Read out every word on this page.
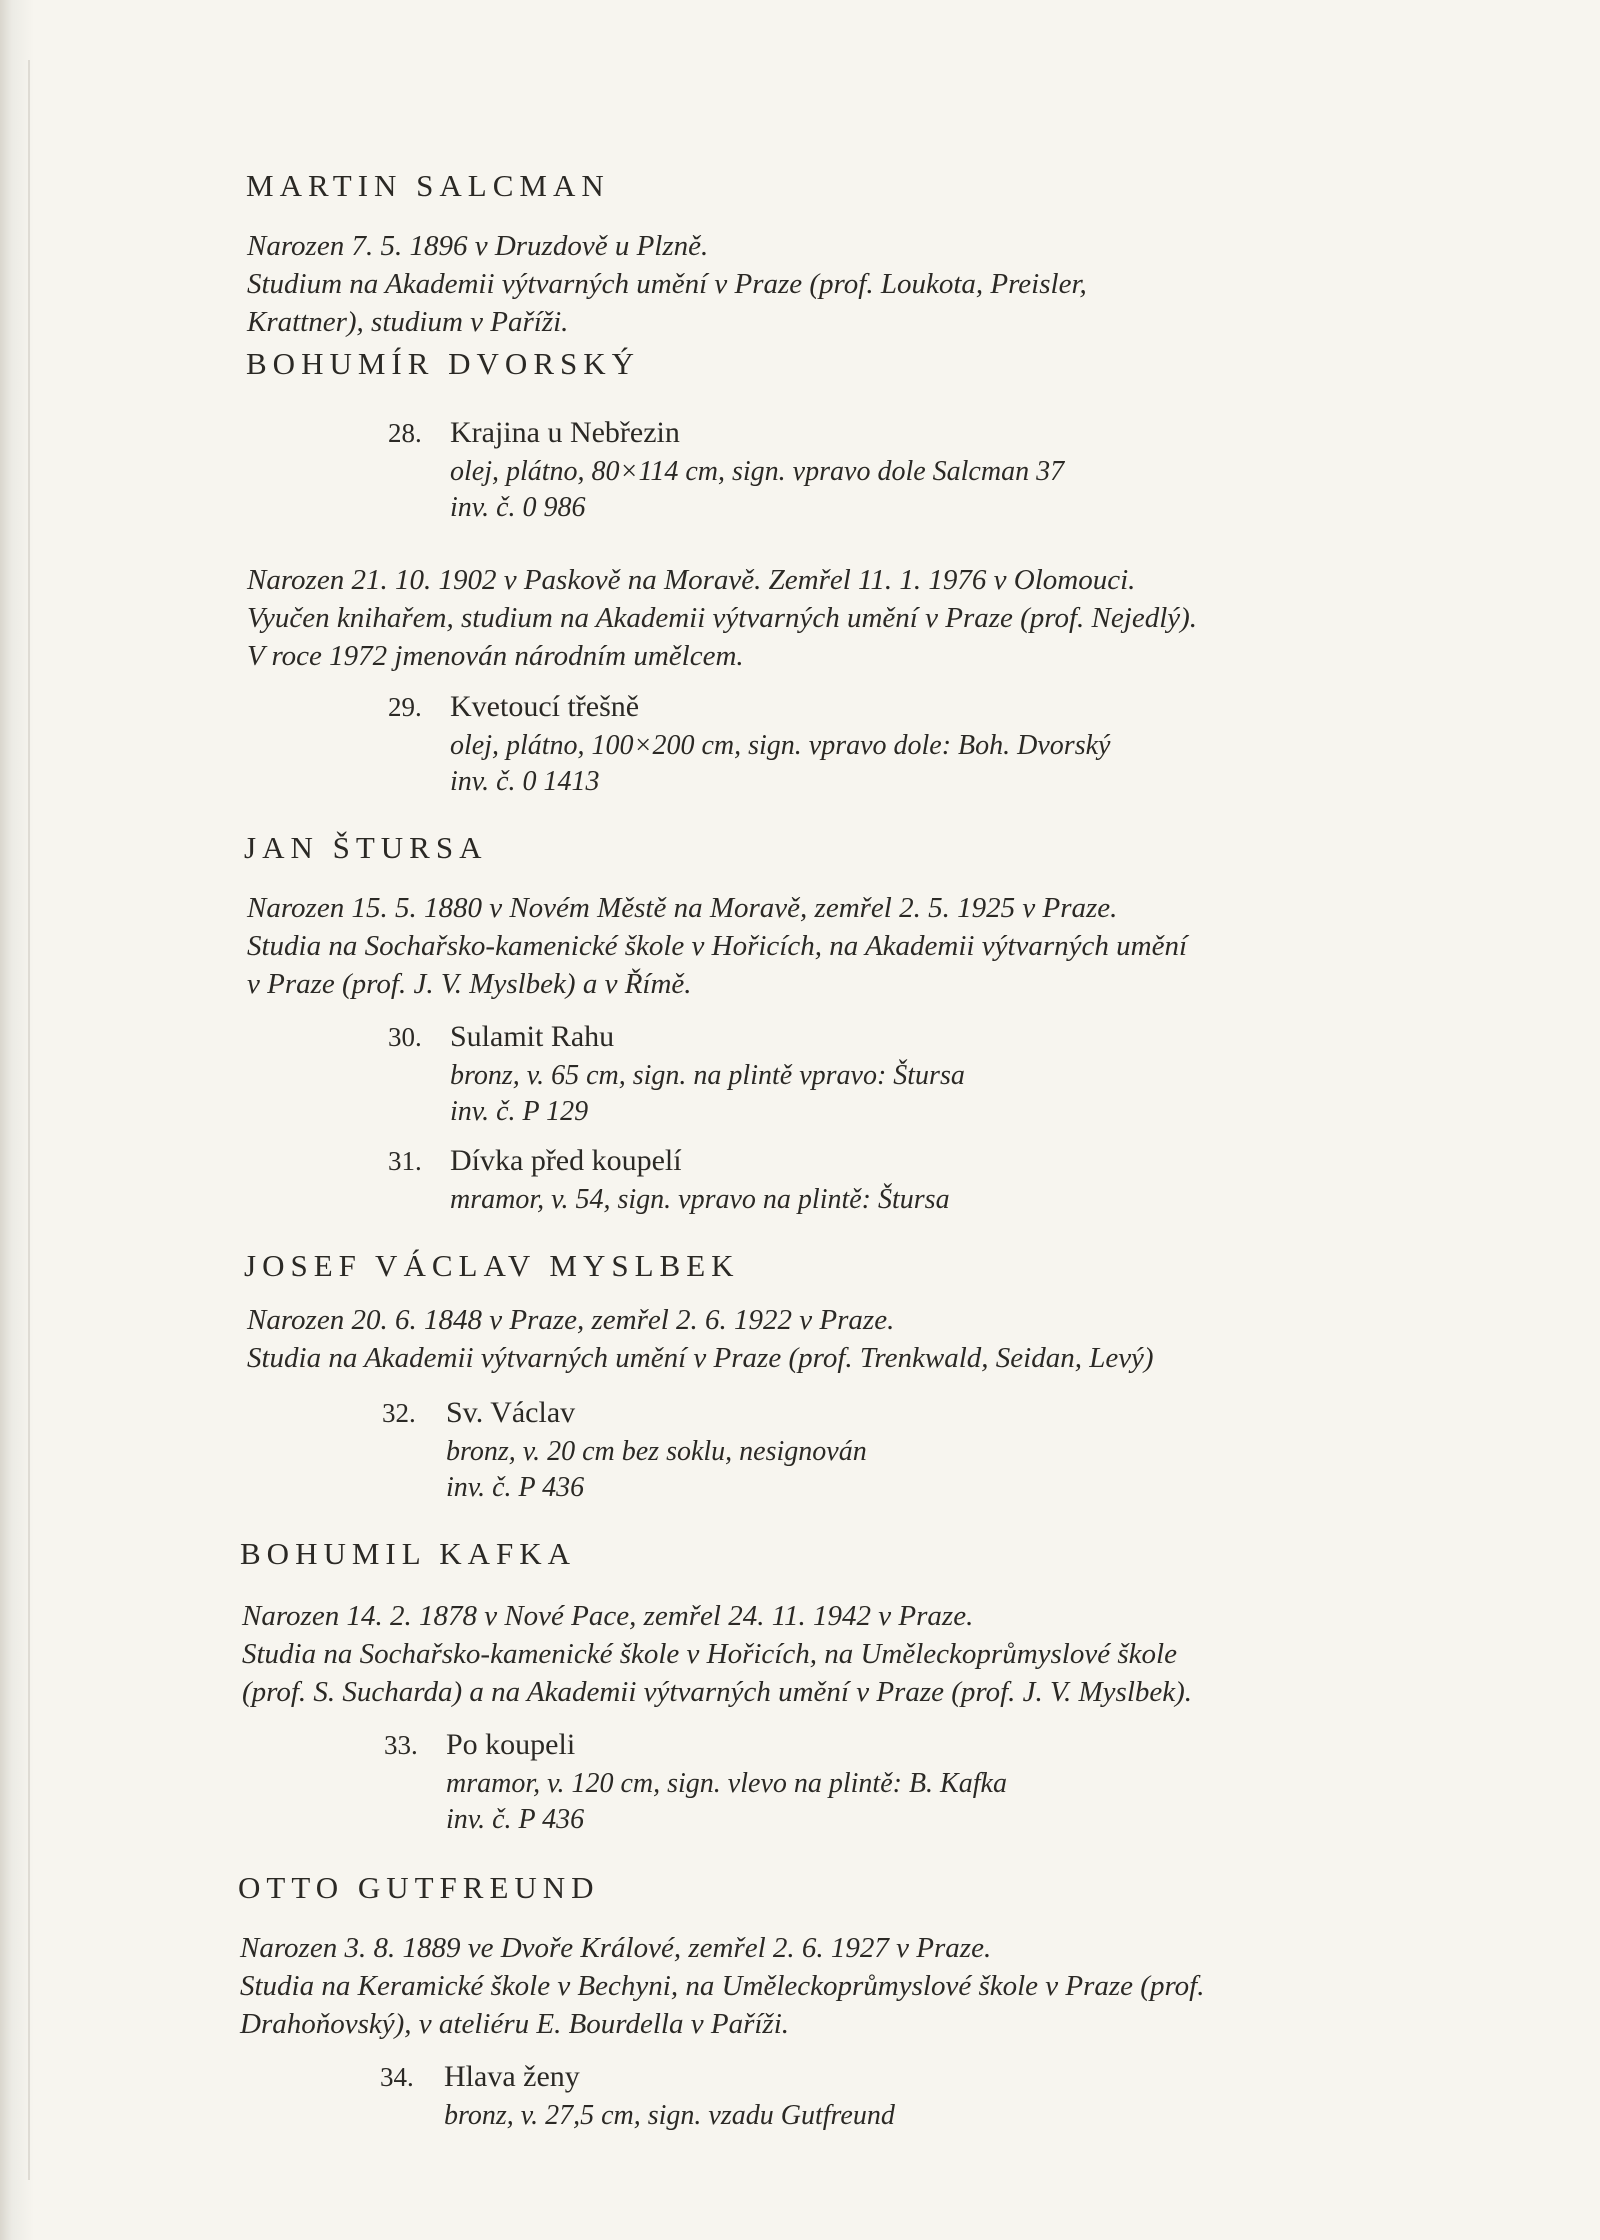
MARTIN SALCMAN
Narozen 7. 5. 1896 v Druzdově u Plzně.
Studium na Akademii výtvarných umění v Praze (prof. Loukota, Preisler,
Krattner), studium v Paříži.
BOHUMÍR DVORSKÝ
28. Krajina u Nebřezin
olej, plátno, 80×114 cm, sign. vpravo dole Salcman 37
inv. č. 0 986
Narozen 21. 10. 1902 v Paskově na Moravě. Zemřel 11. 1. 1976 v Olomouci.
Vyučen knihařem, studium na Akademii výtvarných umění v Praze (prof. Nejedlý).
V roce 1972 jmenován národním umělcem.
29. Kvetoucí třešně
olej, plátno, 100×200 cm, sign. vpravo dole: Boh. Dvorský
inv. č. 0 1413
JAN ŠTURSA
Narozen 15. 5. 1880 v Novém Městě na Moravě, zemřel 2. 5. 1925 v Praze.
Studia na Sochařsko-kamenické škole v Hořicích, na Akademii výtvarných umění
v Praze (prof. J. V. Myslbek) a v Římě.
30. Sulamit Rahu
bronz, v. 65 cm, sign. na plintě vpravo: Štursa
inv. č. P 129
31. Dívka před koupelí
mramor, v. 54, sign. vpravo na plintě: Štursa
JOSEF VÁCLAV MYSLBEK
Narozen 20. 6. 1848 v Praze, zemřel 2. 6. 1922 v Praze.
Studia na Akademii výtvarných umění v Praze (prof. Trenkwald, Seidan, Levý)
32. Sv. Václav
bronz, v. 20 cm bez soklu, nesignován
inv. č. P 436
BOHUMIL KAFKA
Narozen 14. 2. 1878 v Nové Pace, zemřel 24. 11. 1942 v Praze.
Studia na Sochařsko-kamenické škole v Hořicích, na Uměleckoprůmyslové škole
(prof. S. Sucharda) a na Akademii výtvarných umění v Praze (prof. J. V. Myslbek).
33. Po koupeli
mramor, v. 120 cm, sign. vlevo na plintě: B. Kafka
inv. č. P 436
OTTO GUTFREUND
Narozen 3. 8. 1889 ve Dvoře Králové, zemřel 2. 6. 1927 v Praze.
Studia na Keramické škole v Bechyni, na Uměleckoprůmyslové škole v Praze (prof.
Drahoňovský), v ateliéru E. Bourdella v Paříži.
34. Hlava ženy
bronz, v. 27,5 cm, sign. vzadu Gutfreund
